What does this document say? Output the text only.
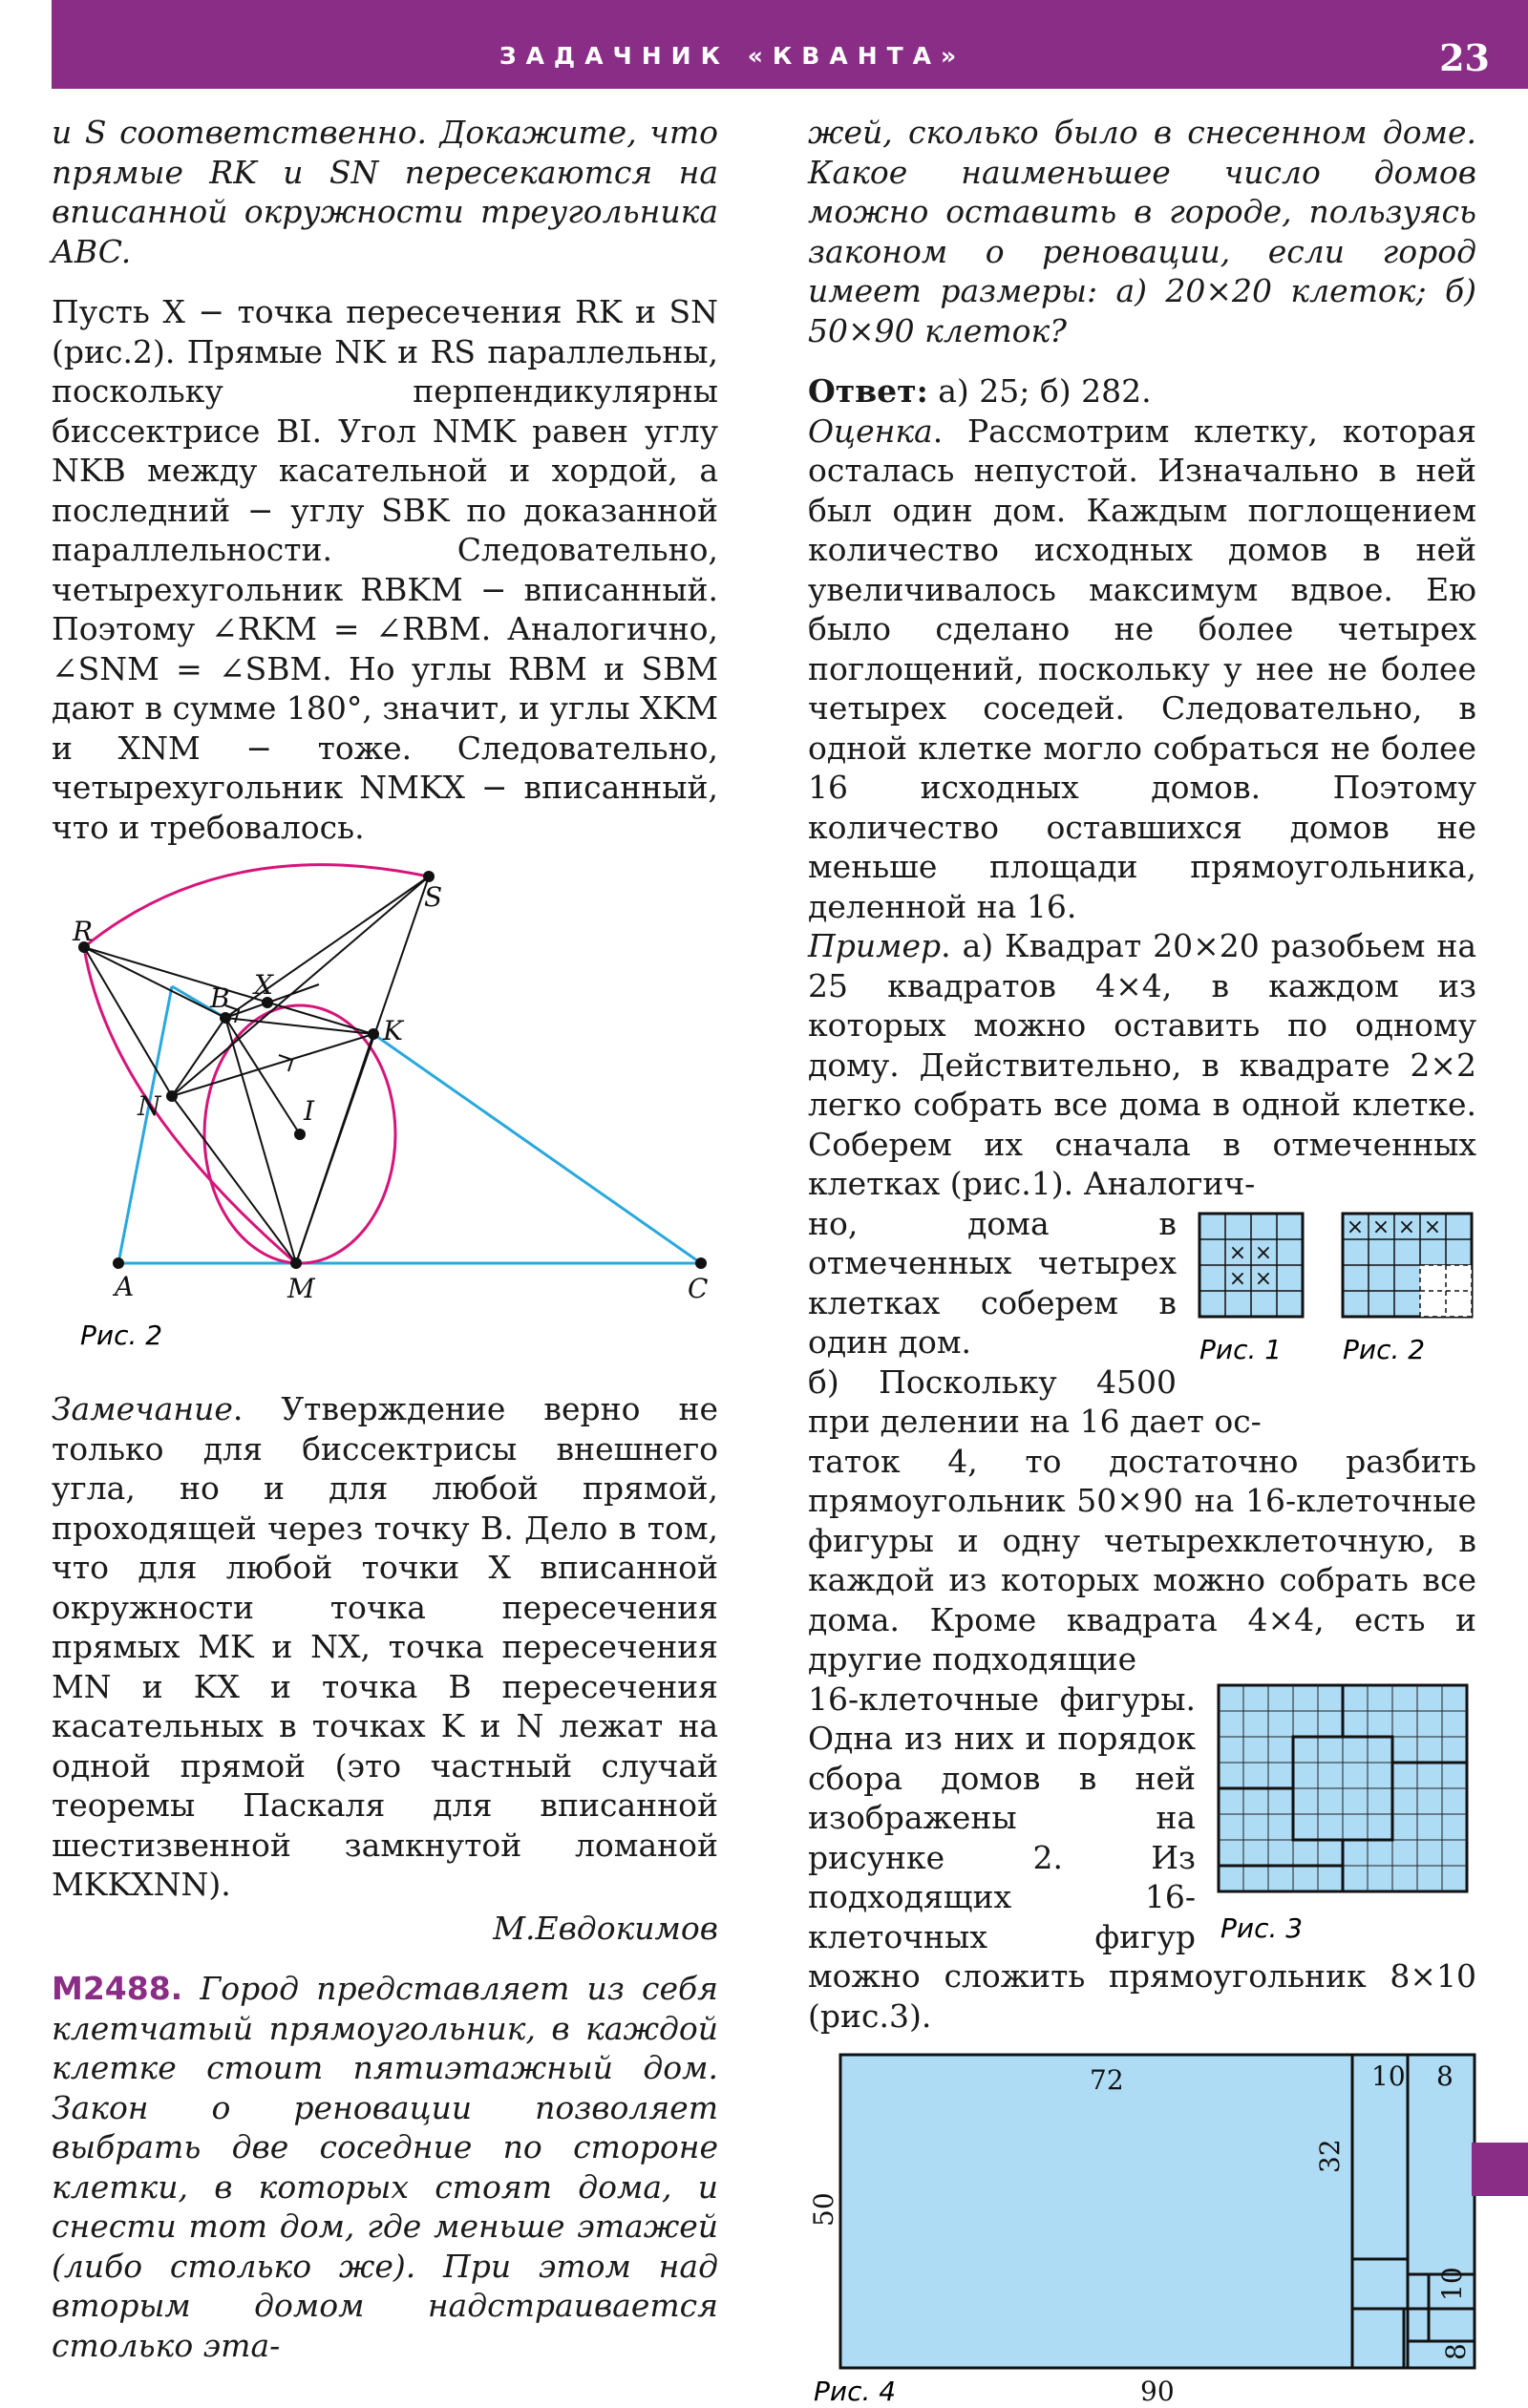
ЗАДАЧНИК «КВАНТА»	23

и S соответственно. Докажите, что прямые RK и SN пересекаются на вписанной окружности треугольника ABC.

Пусть X − точка пересечения RK и SN (рис.2). Прямые NK и RS параллельны, поскольку перпендикулярны биссектрисе BI. Угол NMK равен углу NKB между касательной и хордой, а последний − углу SBK по доказанной параллельности. Следовательно, четырехугольник RBKM − вписанный. Поэтому ∠RKM = ∠RBM. Аналогично, ∠SNM = ∠SBM. Но углы RBM и SBM дают в сумме 180°, значит, и углы XKM и XNM − тоже. Следовательно, четырехугольник NMKX − вписанный, что и требовалось.

A	M	C
B
N
K
R
S
X
I
Рис. 2

Замечание. Утверждение верно не только для биссектрисы внешнего угла, но и для любой прямой, проходящей через точку B. Дело в том, что для любой точки X вписанной окружности точка пересечения прямых MK и NX, точка пересечения MN и KX и точка B пересечения касательных в точках K и N лежат на одной прямой (это частный случай теоремы Паскаля для вписанной шестизвенной замкнутой ломаной MKKXNN).

М.Евдокимов

M2488. Город представляет из себя клетчатый прямоугольник, в каждой клетке стоит пятиэтажный дом. Закон о реновации позволяет выбрать две соседние по стороне клетки, в которых стоят дома, и снести тот дом, где меньше этажей (либо столько же). При этом над вторым домом надстраивается столько эта-

жей, сколько было в снесенном доме. Какое наименьшее число домов можно оставить в городе, пользуясь законом о реновации, если город имеет размеры: а) 20×20 клеток; б) 50×90 клеток?

Ответ: а) 25; б) 282.

Оценка. Рассмотрим клетку, которая осталась непустой. Изначально в ней был один дом. Каждым поглощением количество исходных домов в ней увеличивалось максимум вдвое. Ею было сделано не более четырех поглощений, поскольку у нее не более четырех соседей. Следовательно, в одной клетке могло собраться не более 16 исходных домов. Поэтому количество оставшихся домов не меньше площади прямоугольника, деленной на 16.

Пример. а) Квадрат 20×20 разобьем на 25 квадратов 4×4, в каждом из которых можно оставить по одному дому. Действительно, в квадрате 2×2 легко собрать все дома в одной клетке. Соберем их сначала в отмеченных клетках (рис.1). Аналогич-

× ×
× ×
× × × ×
Рис. 1 Рис. 2

но, дома в отмеченных четырех клетках соберем в один дом.

б) Поскольку 4500 при делении на 16 дает ос-

таток 4, то достаточно разбить прямоугольник 50×90 на 16-клеточные фигуры и одну четырехклеточную, в каждой из которых можно собрать все дома. Кроме квадрата 4×4, есть и другие подходящие

Рис. 3

16-клеточные фигуры. Одна из них и порядок сбора домов в ней изображены на рисунке 2. Из подходящих 16-клеточных фигур можно сложить прямоугольник 8×10 (рис.3).

72	10 8
32
50
10
8
90
Рис. 4
